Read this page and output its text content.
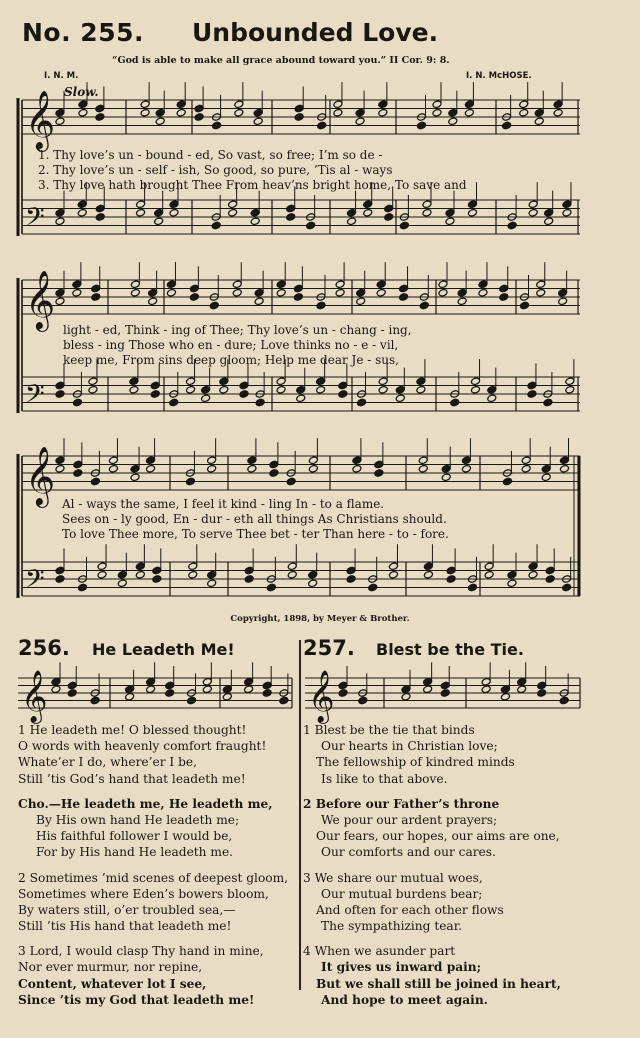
No. 255. Unbounded Love.
“God is able to make all grace abound toward you.” II Cor. 9: 8.
I. N. M.	I. N. McHOSE.
Slow.
𝄞
𝄢
𝄞
𝄢
𝄞
𝄢
1. Thy love’s un - bound - ed, So vast, so free; I’m so de -
2. Thy love’s un - self - ish, So good, so pure, ’Tis al - ways
3. Thy love hath brought Thee From heav’ns bright home, To save and
light - ed, Think - ing of Thee; Thy love’s un - chang - ing,
bless - ing Those who en - dure; Love thinks no - e - vil,
keep me, From sins deep gloom; Help me dear Je - sus,
Al - ways the same, I feel it kind - ling In - to a flame.
Sees on - ly good, En - dur - eth all things As Christians should.
To love Thee more, To serve Thee bet - ter Than here - to - fore.
Copyright, 1898, by Meyer & Brother.
256. He Leadeth Me!	257. Blest be the Tie.
1 He leadeth me! O blessed thought!
O words with heavenly comfort fraught!
Whate’er I do, where’er I be,
Still ’tis God’s hand that leadeth me!
Cho.—He leadeth me, He leadeth me,
By His own hand He leadeth me;
His faithful follower I would be,
For by His hand He leadeth me.
2 Sometimes ’mid scenes of deepest gloom,
Sometimes where Eden’s bowers bloom,
By waters still, o’er troubled sea,—
Still ’tis His hand that leadeth me!
3 Lord, I would clasp Thy hand in mine,
Nor ever murmur, nor repine,
Content, whatever lot I see,
Since ’tis my God that leadeth me!
1 Blest be the tie that binds
Our hearts in Christian love;
The fellowship of kindred minds
Is like to that above.
2 Before our Father’s throne
We pour our ardent prayers;
Our fears, our hopes, our aims are one,
Our comforts and our cares.
3 We share our mutual woes,
Our mutual burdens bear;
And often for each other flows
The sympathizing tear.
4 When we asunder part
It gives us inward pain;
But we shall still be joined in heart,
And hope to meet again.
𝄞	𝄞
